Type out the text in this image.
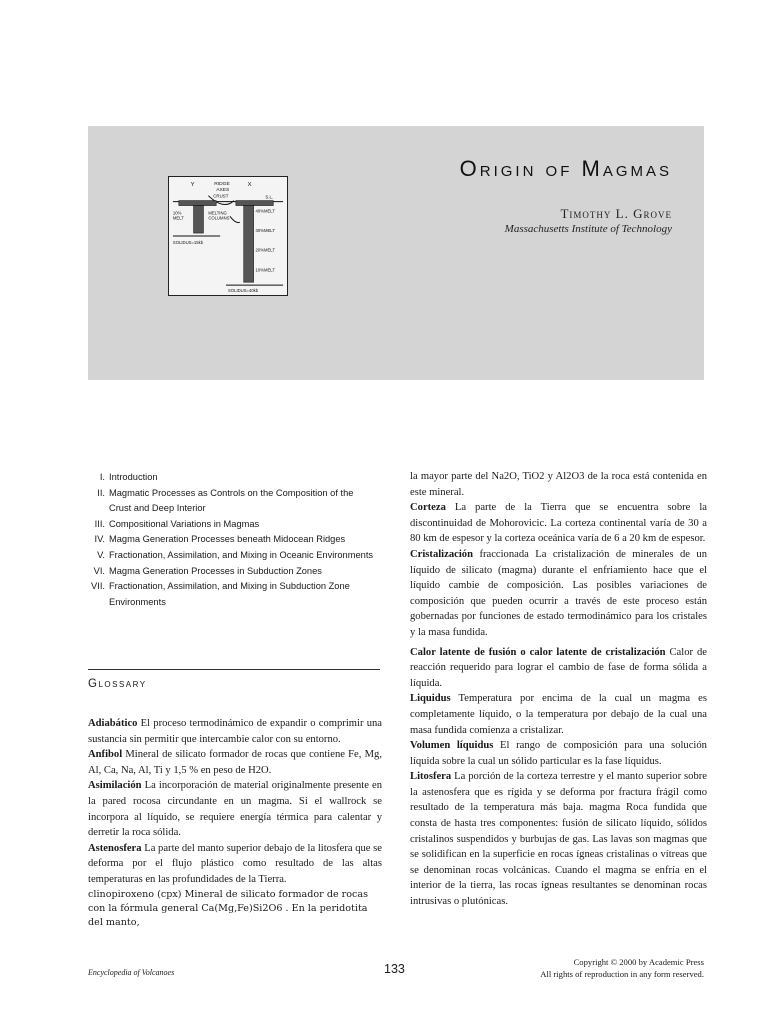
Y	RIDGE
AXES
X
S.L.
CRUST
10%
MELT
MELTING
COLUMNS
40%MELT
30%MELT
20%MELT
10%MELT
SOLIDUS=15kb
SOLIDUS=40kb
Origin of Magmas
Timothy L. Grove
Massachusetts Institute of Technology
I. Introduction
II. Magmatic Processes as Controls on the Composition of the Crust and Deep Interior
III. Compositional Variations in Magmas
IV. Magma Generation Processes beneath Midocean Ridges
V. Fractionation, Assimilation, and Mixing in Oceanic Environments
VI. Magma Generation Processes in Subduction Zones
VII. Fractionation, Assimilation, and Mixing in Subduction Zone Environments
Glossary

Adiabático El proceso termodinámico de expandir o comprimir una sustancia sin permitir que intercambie calor con su entorno.

Anfibol Mineral de silicato formador de rocas que contiene Fe, Mg, Al, Ca, Na, Al, Ti y 1,5 % en peso de H2O.

Asimilación La incorporación de material originalmente presente en la pared rocosa circundante en un magma. Si el wallrock se incorpora al líquido, se requiere energía térmica para calentar y derretir la roca sólida.

Astenosfera La parte del manto superior debajo de la litosfera que se deforma por el flujo plástico como resultado de las altas temperaturas en las profundidades de la Tierra.

clinopiroxeno (cpx) Mineral de silicato formador de rocas con la fórmula general Ca(Mg,Fe)Si2O6 . En la peridotita del manto,

la mayor parte del Na2O, TiO2 y Al2O3 de la roca está contenida en este mineral.

Corteza La parte de la Tierra que se encuentra sobre la discontinuidad de Mohorovicic. La corteza continental varía de 30 a 80 km de espesor y la corteza oceánica varía de 6 a 20 km de espesor.

Cristalización fraccionada La cristalización de minerales de un líquido de silicato (magma) durante el enfriamiento hace que el líquido cambie de composición. Las posibles variaciones de composición que pueden ocurrir a través de este proceso están gobernadas por funciones de estado termodinámico para los cristales y la masa fundida.

Calor latente de fusión o calor latente de cristalización Calor de reacción requerido para lograr el cambio de fase de forma sólida a líquida.

Liquidus Temperatura por encima de la cual un magma es completamente líquido, o la temperatura por debajo de la cual una masa fundida comienza a cristalizar.

Volumen líquidus El rango de composición para una solución líquida sobre la cual un sólido particular es la fase líquidus.

Litosfera La porción de la corteza terrestre y el manto superior sobre la astenosfera que es rígida y se deforma por fractura frágil como resultado de la temperatura más baja. magma Roca fundida que consta de hasta tres componentes: fusión de silicato líquido, sólidos cristalinos suspendidos y burbujas de gas. Las lavas son magmas que se solidifican en la superficie en rocas ígneas cristalinas o vítreas que se denominan rocas volcánicas. Cuando el magma se enfría en el interior de la tierra, las rocas ígneas resultantes se denominan rocas intrusivas o plutónicas.

Encyclopedia of Volcanoes	133	Copyright © 2000 by Academic Press
All rights of reproduction in any form reserved.
